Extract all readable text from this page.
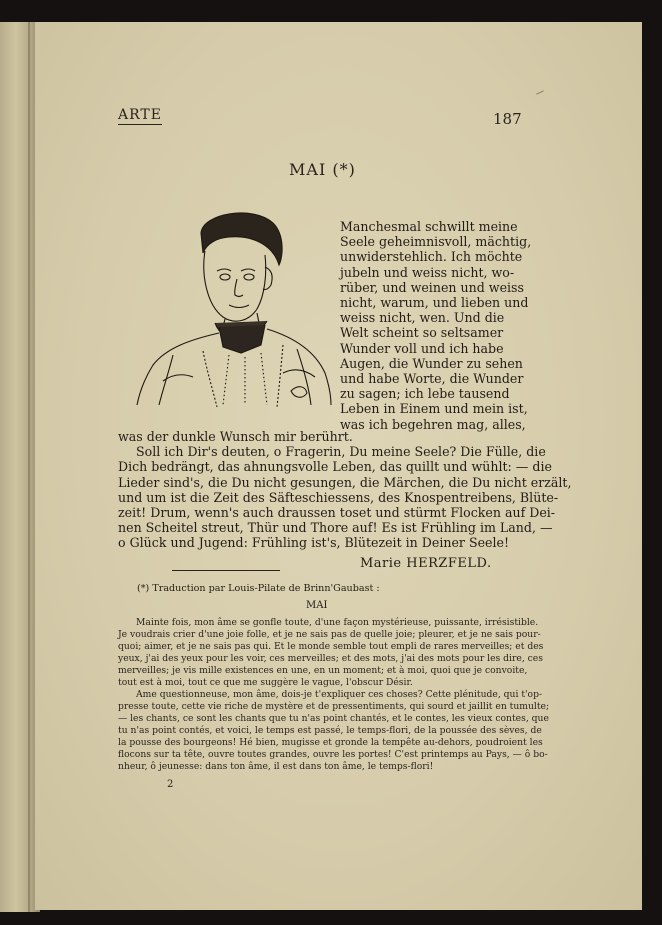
ARTE	187
MAI (*)
Manchesmal schwillt meine
Seele geheimnisvoll, mächtig,
unwiderstehlich. Ich möchte
jubeln und weiss nicht, wo-
rüber, und weinen und weiss
nicht, warum, und lieben und
weiss nicht, wen. Und die
Welt scheint so seltsamer
Wunder voll und ich habe
Augen, die Wunder zu sehen
und habe Worte, die Wunder
zu sagen; ich lebe tausend
Leben in Einem und mein ist,
was ich begehren mag, alles,
was der dunkle Wunsch mir berührt.
Soll ich Dir's deuten, o Fragerin, Du meine Seele? Die Fülle, die
Dich bedrängt, das ahnungsvolle Leben, das quillt und wühlt: — die
Lieder sind's, die Du nicht gesungen, die Märchen, die Du nicht erzält,
und um ist die Zeit des Säfteschiessens, des Knospentreibens, Blüte-
zeit! Drum, wenn's auch draussen toset und stürmt Flocken auf Dei-
nen Scheitel streut, Thür und Thore auf! Es ist Frühling im Land, —
o Glück und Jugend: Frühling ist's, Blütezeit in Deiner Seele!
Marie HERZFELD.
(*) Traduction par Louis-Pilate de Brinn'Gaubast :
MAI
Mainte fois, mon âme se gonfle toute, d'une façon mystérieuse, puissante, irrésistible.
Je voudrais crier d'une joie folle, et je ne sais pas de quelle joie; pleurer, et je ne sais pour-
quoi; aimer, et je ne sais pas qui. Et le monde semble tout empli de rares merveilles; et des
yeux, j'ai des yeux pour les voir, ces merveilles; et des mots, j'ai des mots pour les dire, ces
merveilles; je vis mille existences en une, en un moment; et à moi, quoi que je convoite,
tout est à moi, tout ce que me suggère le vague, l'obscur Désir.
Ame questionneuse, mon âme, dois-je t'expliquer ces choses? Cette plénitude, qui t'op-
presse toute, cette vie riche de mystère et de pressentiments, qui sourd et jaillit en tumulte;
— les chants, ce sont les chants que tu n'as point chantés, et le contes, les vieux contes, que
tu n'as point contés, et voici, le temps est passé, le temps-flori, de la poussée des sèves, de
la pousse des bourgeons! Hé bien, mugisse et gronde la tempête au-dehors, poudroient les
flocons sur ta tête, ouvre toutes grandes, ouvre les portes! C'est printemps au Pays, — ô bo-
nheur, ô jeunesse: dans ton âme, il est dans ton âme, le temps-flori!
2
